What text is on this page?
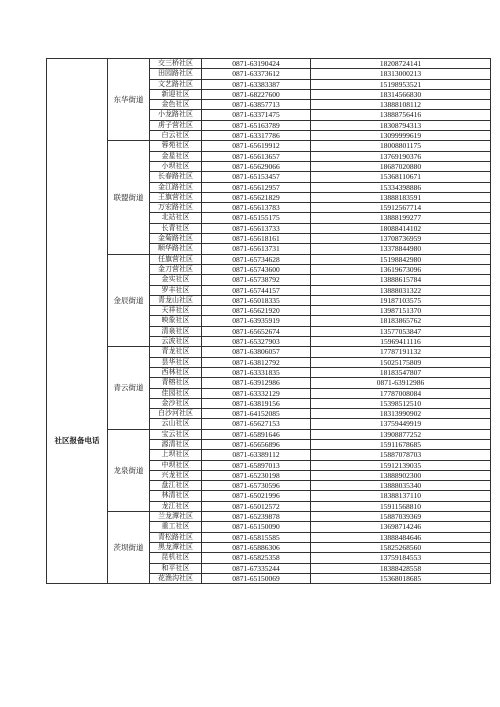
社区报备电话	东华街道	交三桥社区	0871-63190424	18208724141
		田园路社区	0871-63373612	18313000213
		文艺路社区	0871-63383387	15198953521
		新迎社区	0871-68227600	18314566830
		金色社区	0871-63857713	13888108112
		小龙路社区	0871-63371475	13888756416
		虏子营社区	0871-65163789	18308794313
		白云社区	0871-63317786	13099999619
	联盟街道	蓉苑社区	0871-65619912	18008801175
		金星社区	0871-65613657	13769190376
		小坝社区	0871-65629066	18687020880
		长春路社区	0871-65153457	15368110671
		金江路社区	0871-65612957	15334398886
		王旗营社区	0871-65621829	13888183591
		万宏路社区	0871-65613783	15912567714
		北站社区	0871-65155175	13888199277
		长青社区	0871-65613733	18088414102
		金菊路社区	0871-65618161	13708736959
		顺华路社区	0871-65613731	13378844980
	金辰街道	任旗营社区	0871-65734628	15198842980
		金刀营社区	0871-65743600	13619673096
		金实社区	0871-65738792	13888615784
		罗丰社区	0871-65744157	13888031322
		青龙山社区	0871-65018335	19187103575
		天祥社区	0871-65621920	13987151370
		映象社区	0871-63935919	18183865762
		清泉社区	0871-65652674	13577053847
		云波社区	0871-65327903	15969411116
	青云街道	青龙社区	0871-63806057	17787191132
		昙华社区	0871-63812792	15025175809
		西林社区	0871-63331835	18183547807
		青榕社区	0871-63912986	0871-63912986
		佳园社区	0871-63332129	17787008084
		金沙社区	0871-63819156	15398512510
		白沙河社区	0871-64152085	18313990902
		云山社区	0871-65627153	13759449919
	龙泉街道	宝云社区	0871-65891646	13908877252
		源清社区	0871-65656896	15911678685
		上坝社区	0871-63389112	15887078703
		中坝社区	0871-65897013	15912139035
		兴龙社区	0871-65230198	13888902300
		盘江社区	0871-65730596	13888035340
		林清社区	0871-65021996	18388137110
		龙江社区	0871-65012572	15911568810
	茨坝街道	兰龙潭社区	0871-65239878	15887039369
		重工社区	0871-65150090	13698714246
		青松路社区	0871-65815585	13888484646
		黑龙潭社区	0871-65886306	15825268560
		昆机社区	0871-65825358	13759184553
		和平社区	0871-67335244	18388428558
		花渔沟社区	0871-65150069	15368018685
